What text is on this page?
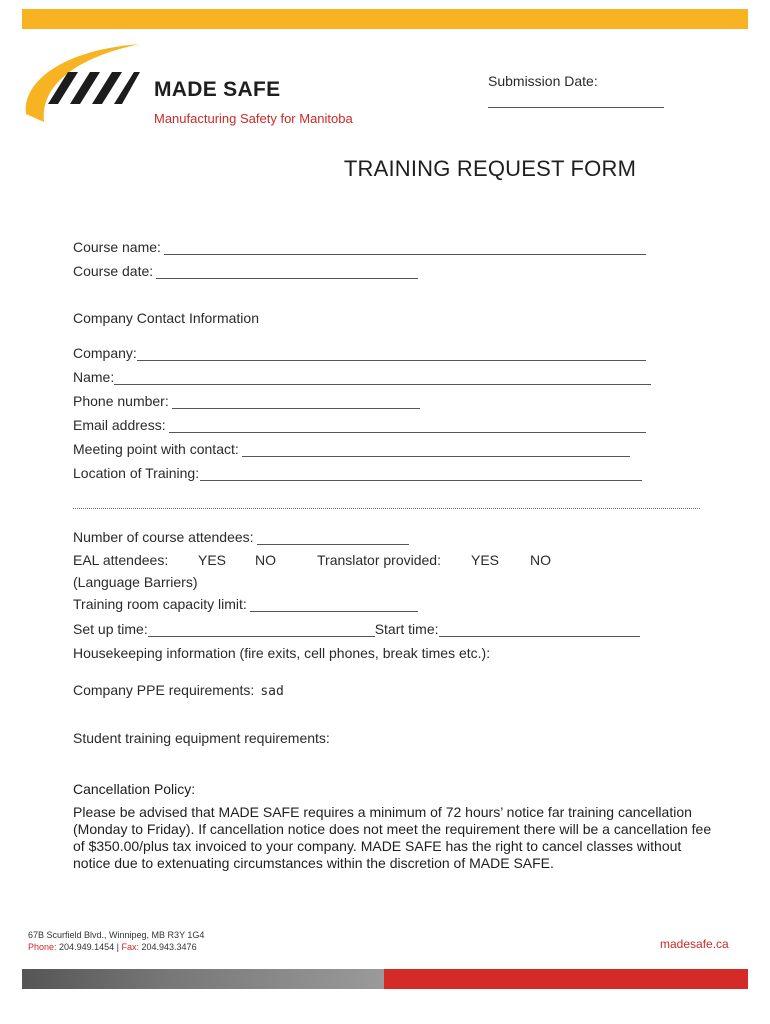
MADE SAFE
Manufacturing Safety for Manitoba
Submission Date:
TRAINING REQUEST FORM
Course name:
Course date:
Company Contact Information
Company:
Name:
Phone number:
Email address:
Meeting point with contact:
Location of Training:
Number of course attendees:
EAL attendees: YES NO	Translator provided: YES NO
(Language Barriers)
Training room capacity limit:
Set up time:	Start time:
Housekeeping information (fire exits, cell phones, break times etc.):
Company PPE requirements: sad
Student training equipment requirements:
Cancellation Policy:
Please be advised that MADE SAFE requires a minimum of 72 hours’ notice far training cancellation (Monday to Friday). If cancellation notice does not meet the requirement there will be a cancellation fee of $350.00/plus tax invoiced to your company. MADE SAFE has the right to cancel classes without notice due to extenuating circumstances within the discretion of MADE SAFE.
67B Scurfield Blvd., Winnipeg, MB R3Y 1G4
Phone: 204.949.1454 | Fax: 204.943.3476	madesafe.ca
